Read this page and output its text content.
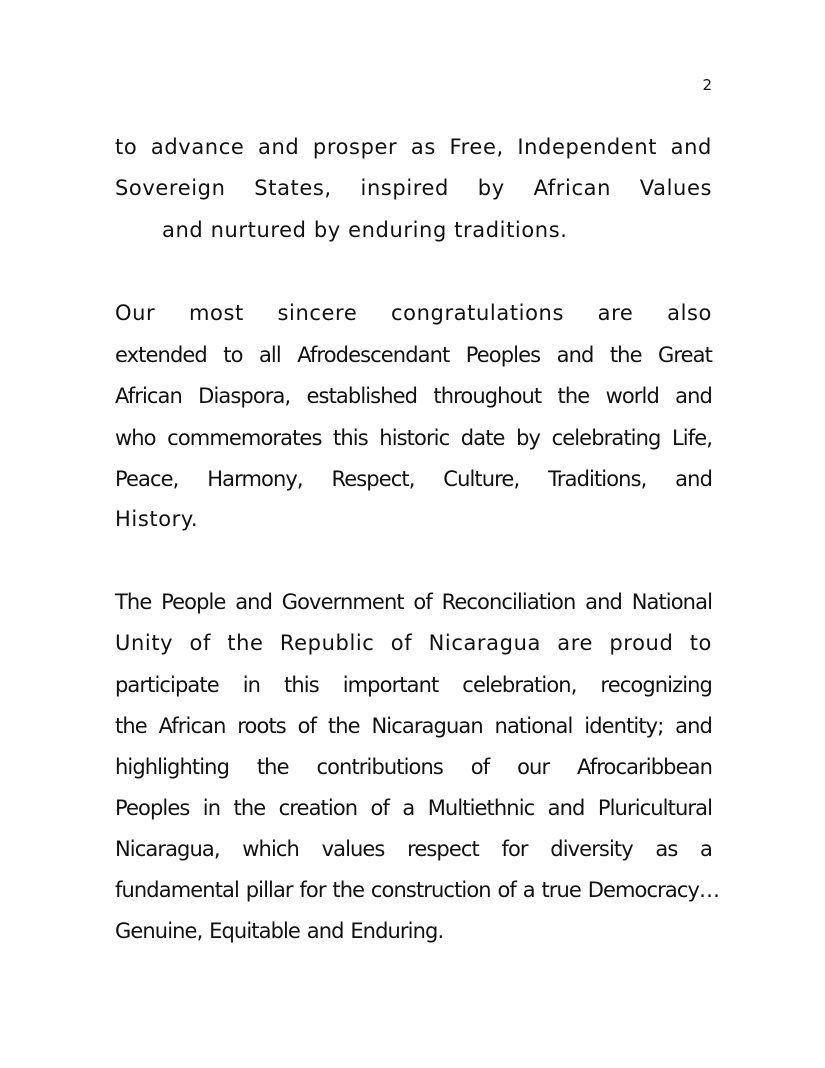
2
to advance and prosper as Free, Independent and
Sovereign States, inspired by African Values
and nurtured by enduring traditions.
Our most sincere congratulations are also
extended to all Afrodescendant Peoples and the Great
African Diaspora, established throughout the world and
who commemorates this historic date by celebrating Life,
Peace, Harmony, Respect, Culture, Traditions, and
History.
The People and Government of Reconciliation and National
Unity of the Republic of Nicaragua are proud to
participate in this important celebration, recognizing
the African roots of the Nicaraguan national identity; and
highlighting the contributions of our Afrocaribbean
Peoples in the creation of a Multiethnic and Pluricultural
Nicaragua, which values respect for diversity as a
fundamental pillar for the construction of a true Democracy…
Genuine, Equitable and Enduring.
